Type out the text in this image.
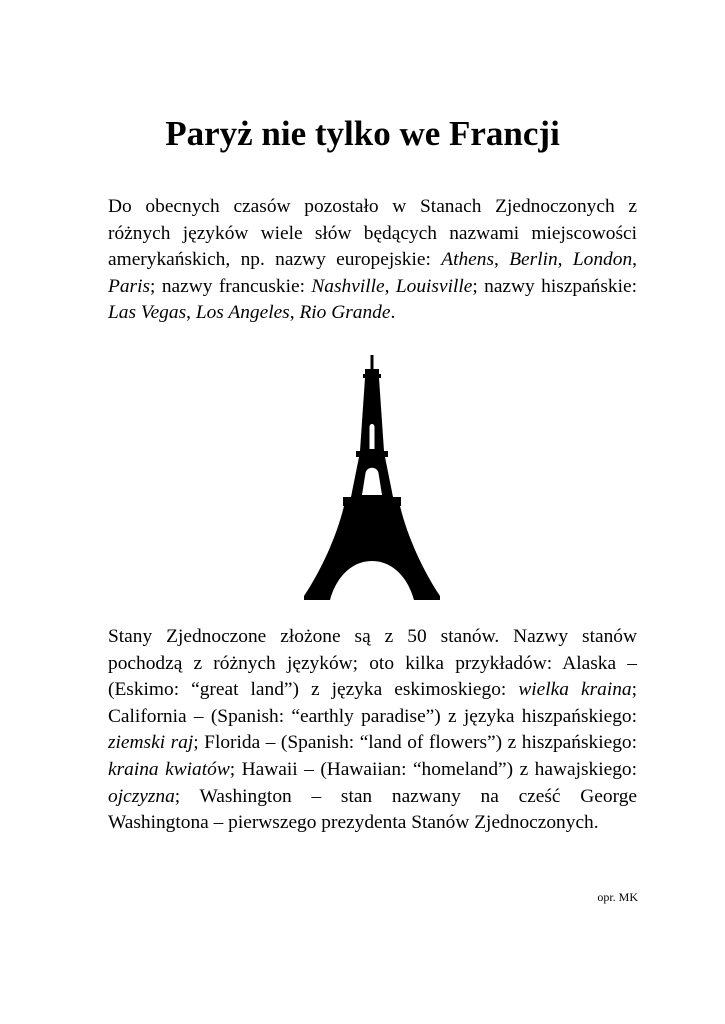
Paryż nie tylko we Francji

Do obecnych czasów pozostało w Stanach Zjednoczonych z różnych języków wiele słów będących nazwami miejscowości amerykańskich, np. nazwy europejskie: Athens, Berlin, London, Paris; nazwy francuskie: Nashville, Louisville; nazwy hiszpańskie: Las Vegas, Los Angeles, Rio Grande.

Stany Zjednoczone złożone są z 50 stanów. Nazwy stanów pochodzą z różnych języków; oto kilka przykładów: Alaska – (Eskimo: “great land”) z języka eskimoskiego: wielka kraina; California – (Spanish: “earthly paradise”) z języka hiszpańskiego: ziemski raj; Florida – (Spanish: “land of flowers”) z hiszpańskiego: kraina kwiatów; Hawaii – (Hawaiian: “homeland”) z hawajskiego: ojczyzna; Washington – stan nazwany na cześć George Washingtona – pierwszego prezydenta Stanów Zjednoczonych.

opr. MK
